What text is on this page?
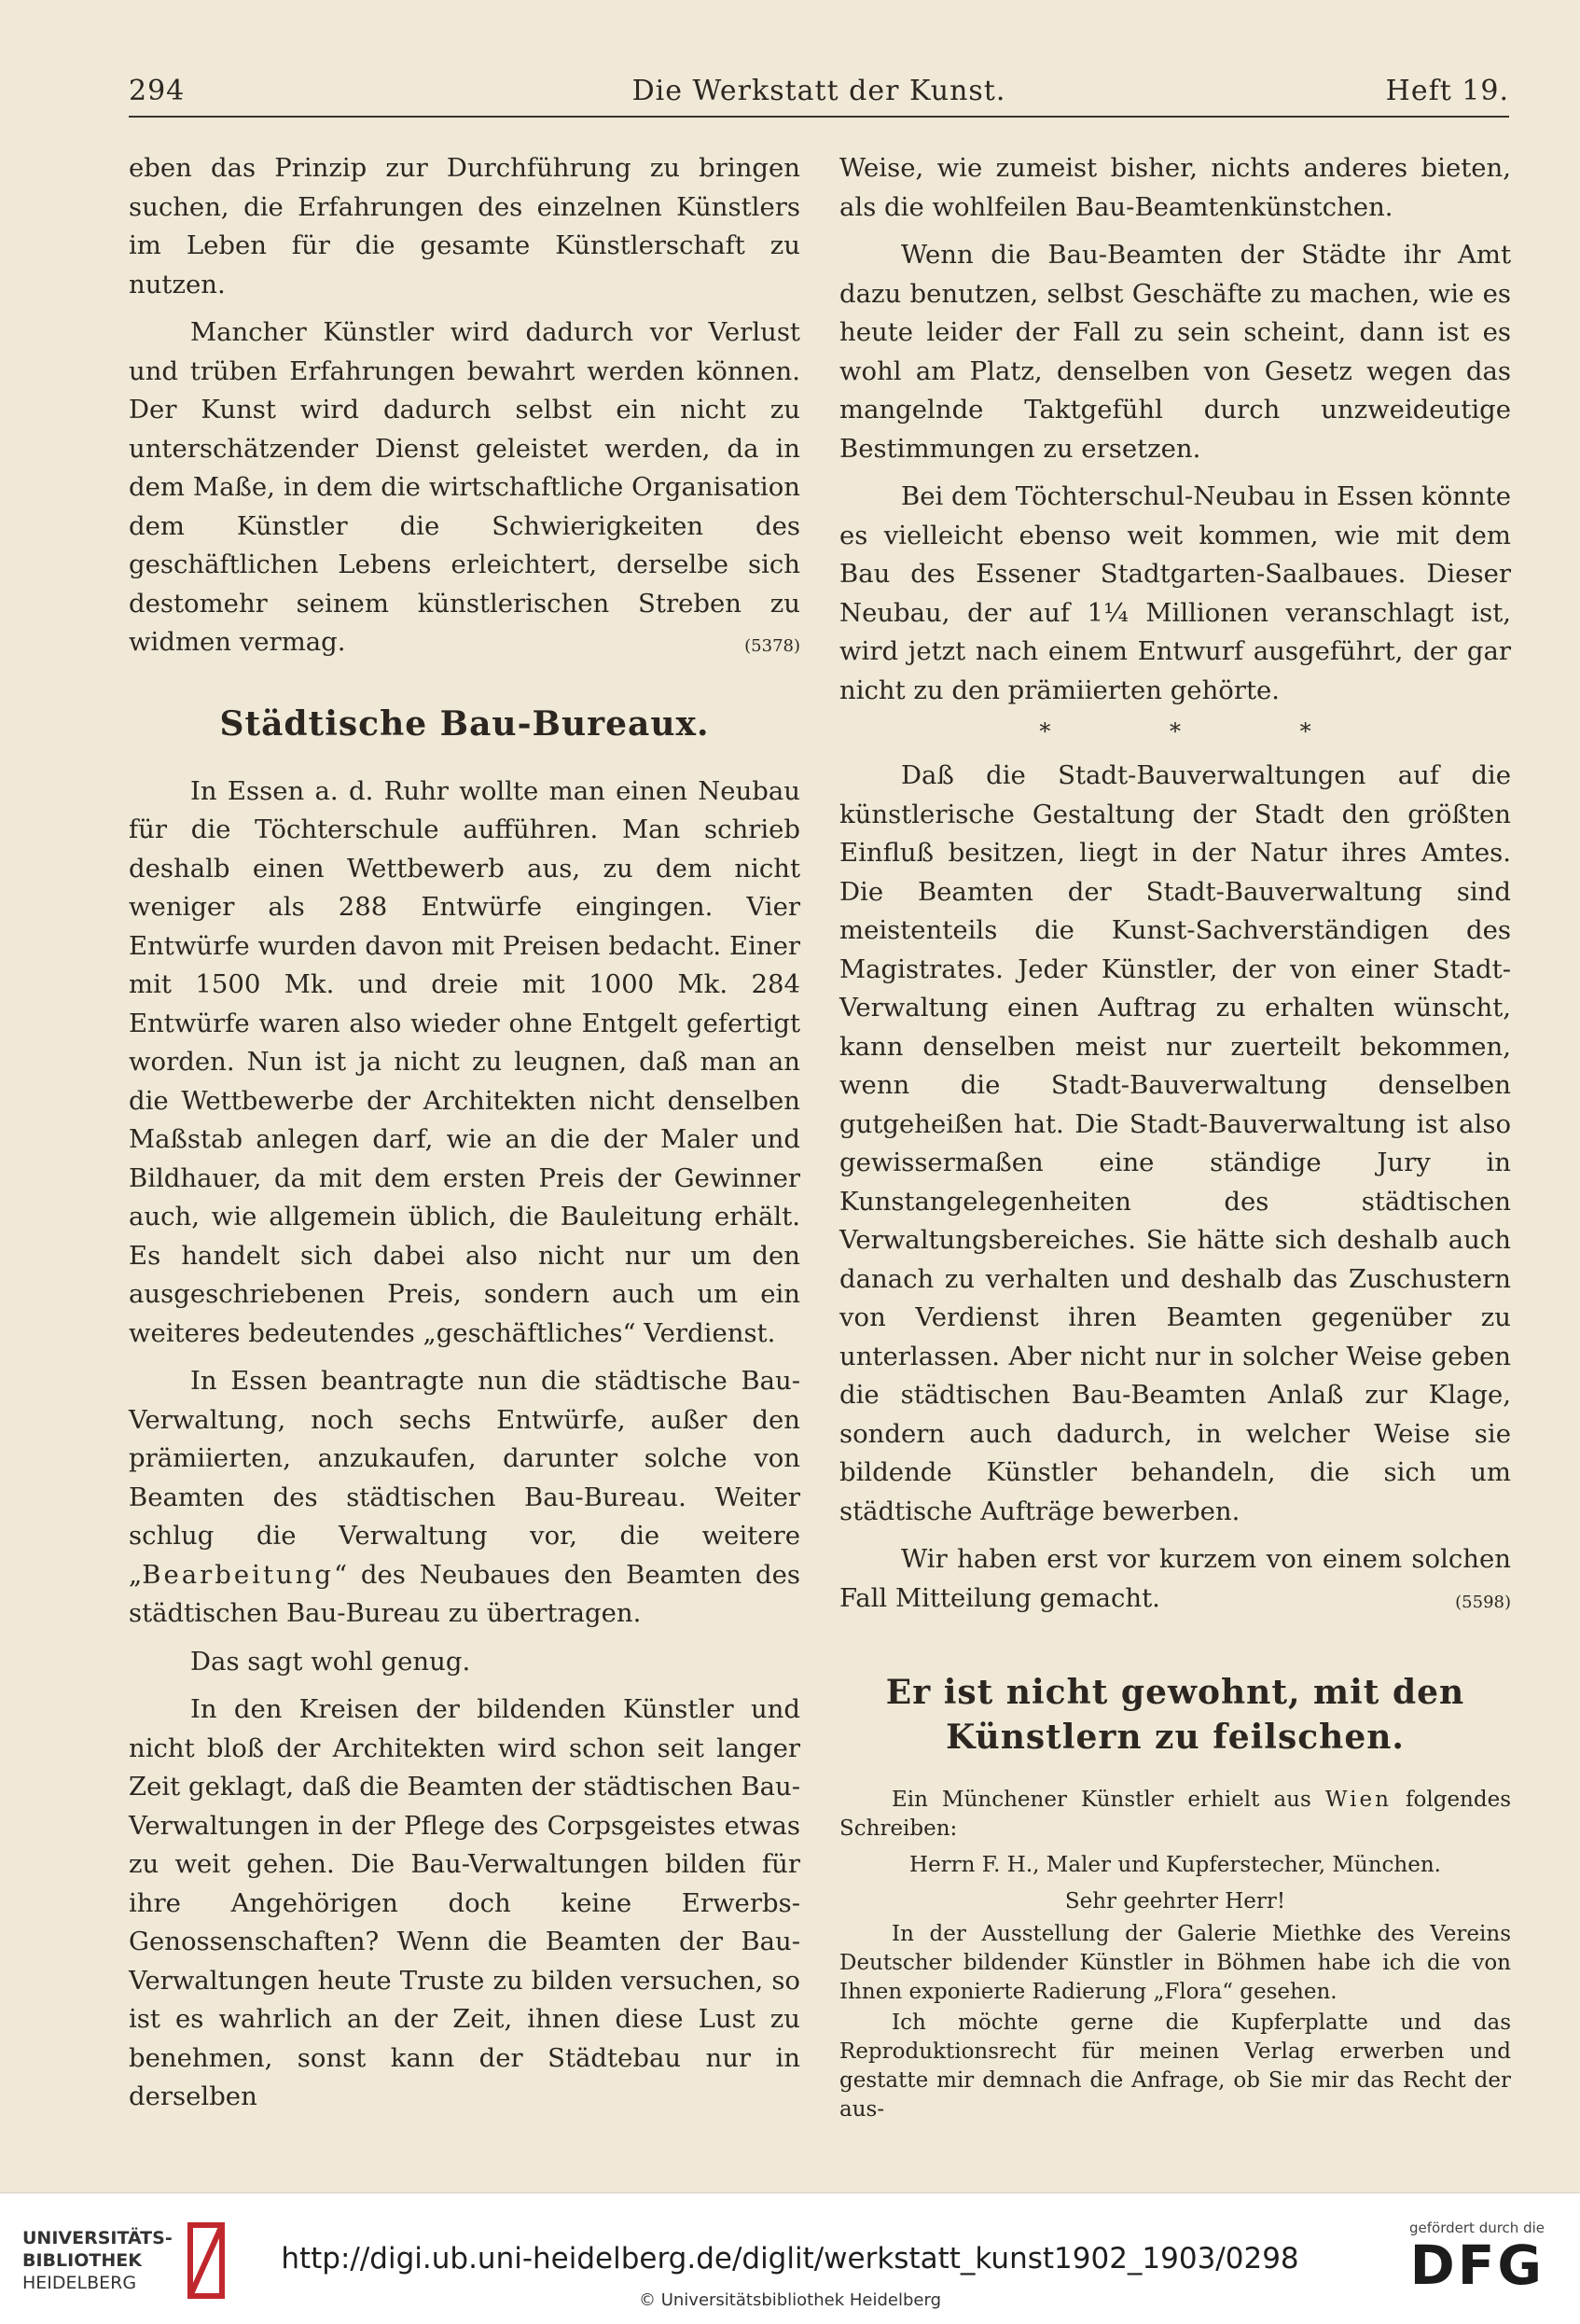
294	Die Werkstatt der Kunst.	Heft 19.

eben das Prinzip zur Durchführung zu bringen suchen, die Erfahrungen des einzelnen Künstlers im Leben für die gesamte Künstlerschaft zu nutzen.

Mancher Künstler wird dadurch vor Verlust und trüben Erfahrungen bewahrt werden können. Der Kunst wird dadurch selbst ein nicht zu unterschätzender Dienst geleistet werden, da in dem Maße, in dem die wirtschaftliche Organisation dem Künstler die Schwierigkeiten des geschäftlichen Lebens erleichtert, derselbe sich destomehr seinem künstlerischen Streben zu widmen vermag.	(5378)

Städtische Bau-Bureaux.

In Essen a. d. Ruhr wollte man einen Neubau für die Töchterschule aufführen. Man schrieb deshalb einen Wettbewerb aus, zu dem nicht weniger als 288 Entwürfe eingingen. Vier Entwürfe wurden davon mit Preisen bedacht. Einer mit 1500 Mk. und dreie mit 1000 Mk. 284 Entwürfe waren also wieder ohne Entgelt gefertigt worden. Nun ist ja nicht zu leugnen, daß man an die Wettbewerbe der Architekten nicht denselben Maßstab anlegen darf, wie an die der Maler und Bildhauer, da mit dem ersten Preis der Gewinner auch, wie allgemein üblich, die Bauleitung erhält. Es handelt sich dabei also nicht nur um den ausgeschriebenen Preis, sondern auch um ein weiteres bedeutendes „geschäftliches“ Verdienst.

In Essen beantragte nun die städtische Bau-Verwaltung, noch sechs Entwürfe, außer den prämiierten, anzukaufen, darunter solche von Beamten des städtischen Bau-Bureau. Weiter schlug die Verwaltung vor, die weitere „Bearbeitung“ des Neubaues den Beamten des städtischen Bau-Bureau zu übertragen.

Das sagt wohl genug.

In den Kreisen der bildenden Künstler und nicht bloß der Architekten wird schon seit langer Zeit geklagt, daß die Beamten der städtischen Bau-Verwaltungen in der Pflege des Corpsgeistes etwas zu weit gehen. Die Bau-Verwaltungen bilden für ihre Angehörigen doch keine Erwerbs-Genossenschaften? Wenn die Beamten der Bau-Verwaltungen heute Truste zu bilden versuchen, so ist es wahrlich an der Zeit, ihnen diese Lust zu benehmen, sonst kann der Städtebau nur in derselben

Weise, wie zumeist bisher, nichts anderes bieten, als die wohlfeilen Bau-Beamtenkünstchen.

Wenn die Bau-Beamten der Städte ihr Amt dazu benutzen, selbst Geschäfte zu machen, wie es heute leider der Fall zu sein scheint, dann ist es wohl am Platz, denselben von Gesetz wegen das mangelnde Taktgefühl durch unzweideutige Bestimmungen zu ersetzen.

Bei dem Töchterschul-Neubau in Essen könnte es vielleicht ebenso weit kommen, wie mit dem Bau des Essener Stadtgarten-Saalbaues. Dieser Neubau, der auf 1¼ Millionen veranschlagt ist, wird jetzt nach einem Entwurf ausgeführt, der gar nicht zu den prämiierten gehörte.

*	*	*

Daß die Stadt-Bauverwaltungen auf die künstlerische Gestaltung der Stadt den größten Einfluß besitzen, liegt in der Natur ihres Amtes. Die Beamten der Stadt-Bauverwaltung sind meistenteils die Kunst-Sachverständigen des Magistrates. Jeder Künstler, der von einer Stadt-Verwaltung einen Auftrag zu erhalten wünscht, kann denselben meist nur zuerteilt bekommen, wenn die Stadt-Bauverwaltung denselben gutgeheißen hat. Die Stadt-Bauverwaltung ist also gewissermaßen eine ständige Jury in Kunstangelegenheiten des städtischen Verwaltungsbereiches. Sie hätte sich deshalb auch danach zu verhalten und deshalb das Zuschustern von Verdienst ihren Beamten gegenüber zu unterlassen. Aber nicht nur in solcher Weise geben die städtischen Bau-Beamten Anlaß zur Klage, sondern auch dadurch, in welcher Weise sie bildende Künstler behandeln, die sich um städtische Aufträge bewerben.

Wir haben erst vor kurzem von einem solchen Fall Mitteilung gemacht.	(5598)

Er ist nicht gewohnt, mit den
Künstlern zu feilschen.

Ein Münchener Künstler erhielt aus Wien folgendes Schreiben:

Herrn F. H., Maler und Kupferstecher, München.

Sehr geehrter Herr!

In der Ausstellung der Galerie Miethke des Vereins Deutscher bildender Künstler in Böhmen habe ich die von Ihnen exponierte Radierung „Flora“ gesehen.

Ich möchte gerne die Kupferplatte und das Reproduktionsrecht für meinen Verlag erwerben und gestatte mir demnach die Anfrage, ob Sie mir das Recht der aus-

UNIVERSITÄTS-
BIBLIOTHEK
HEIDELBERG
http://digi.ub.uni-heidelberg.de/diglit/werkstatt_kunst1902_1903/0298
© Universitätsbibliothek Heidelberg
gefördert durch die
DFG
